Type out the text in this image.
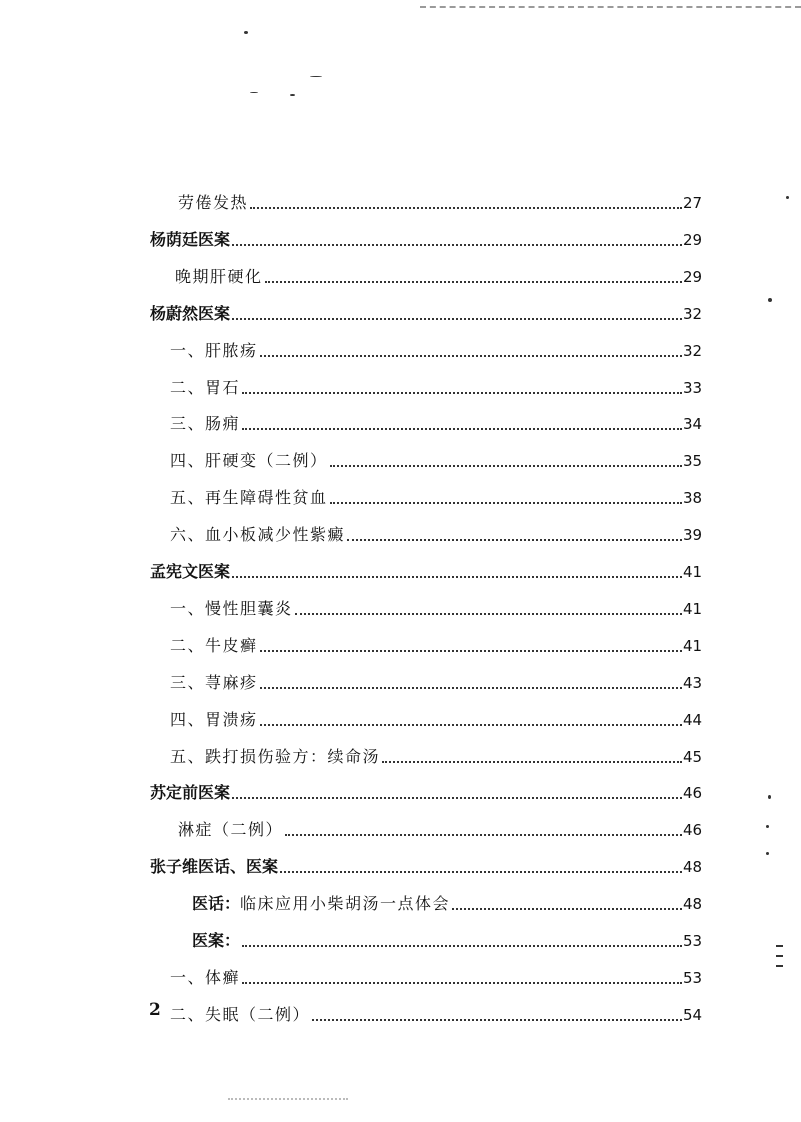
劳倦发热	27
杨荫廷医案	29
晚期肝硬化	29
杨蔚然医案	32
一、肝脓疡	32
二、胃石	33
三、肠痈	34
四、肝硬变（二例）	35
五、再生障碍性贫血	38
六、血小板减少性紫癜	39
孟宪文医案	41
一、慢性胆囊炎	41
二、牛皮癣	41
三、荨麻疹	43
四、胃溃疡	44
五、跌打损伤验方：续命汤	45
苏定前医案	46
淋症（二例）	46
张子维医话、医案	48
医话：临床应用小柴胡汤一点体会	48
医案：	53
一、体癣	53
二、失眠（二例）	54
2
